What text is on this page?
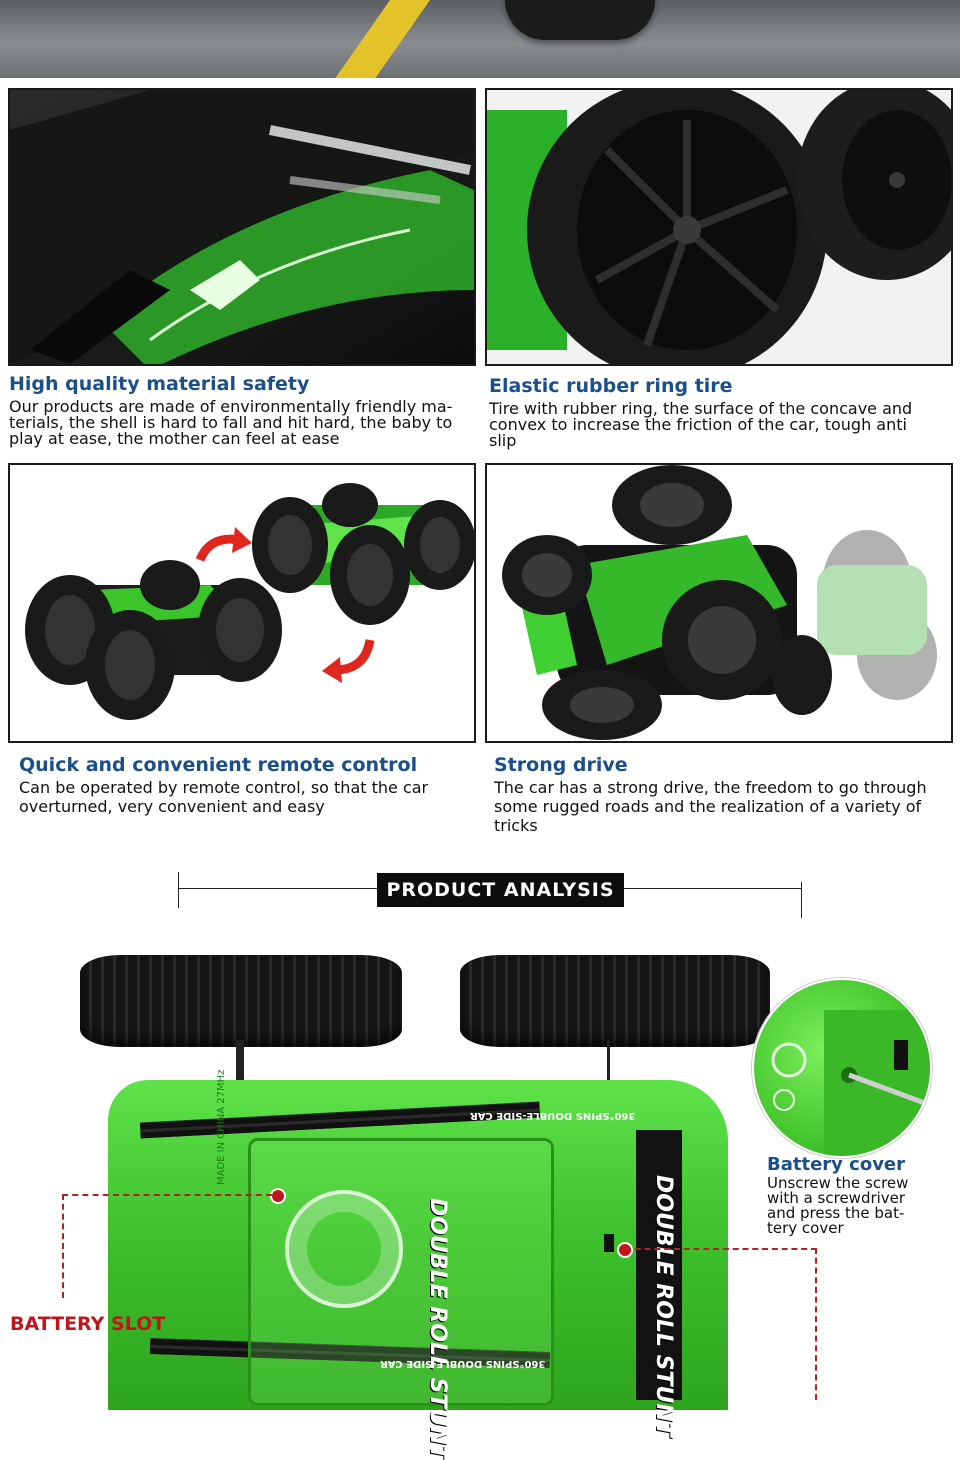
High quality material safety
Our products are made of environmentally friendly ma-
terials, the shell is hard to fall and hit hard, the baby to
play at ease, the mother can feel at ease
Elastic rubber ring tire
Tire with rubber ring, the surface of the concave and
convex to increase the friction of the car, tough anti
slip
Quick and convenient remote control
Can be operated by remote control, so that the car
overturned, very convenient and easy
Strong drive
The car has a strong drive, the freedom to go through
some rugged roads and the realization of a variety of
tricks
PRODUCT ANALYSIS
DOUBLE ROLL STUNT	DOUBLE ROLL STUNT
360°SPINS DOUBLE-SIDE CAR
360°SPINS DOUBLE-SIDE CAR
MADE IN CHINA 27MHz
BATTERY SLOT
Battery cover
Unscrew the screw
with a screwdriver
and press the bat-
tery cover
